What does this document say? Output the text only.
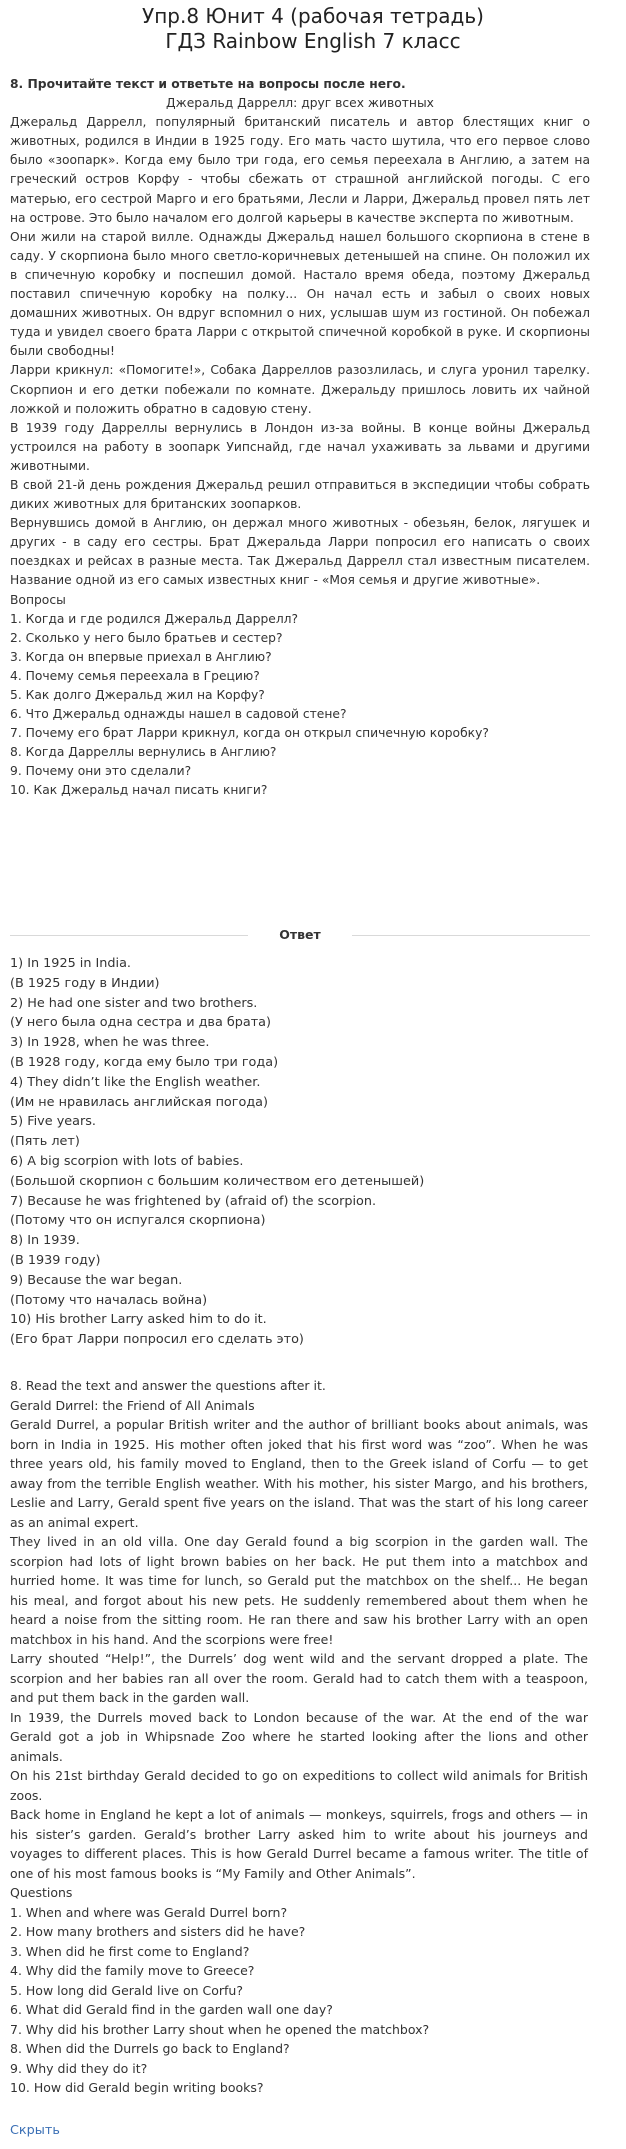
Упр.8 Юнит 4 (рабочая тетрадь)
ГДЗ Rainbow English 7 класс
8. Прочитайте текст и ответьте на вопросы после него.
Джеральд Даррелл: друг всех животных

Джеральд Даррелл, популярный британский писатель и автор блестящих книг о животных, родился в Индии в 1925 году. Его мать часто шутила, что его первое слово было «зоопарк». Когда ему было три года, его семья переехала в Англию, а затем на греческий остров Корфу - чтобы сбежать от страшной английской погоды. С его матерью, его сестрой Марго и его братьями, Лесли и Ларри, Джеральд провел пять лет на острове. Это было началом его долгой карьеры в качестве эксперта по животным.

Они жили на старой вилле. Однажды Джеральд нашел большого скорпиона в стене в саду. У скорпиона было много светло-коричневых детенышей на спине. Он положил их в спичечную коробку и поспешил домой. Настало время обеда, поэтому Джеральд поставил спичечную коробку на полку... Он начал есть и забыл о своих новых домашних животных. Он вдруг вспомнил о них, услышав шум из гостиной. Он побежал туда и увидел своего брата Ларри с открытой спичечной коробкой в руке. И скорпионы были свободны!

Ларри крикнул: «Помогите!», Собака Дарреллов разозлилась, и слуга уронил тарелку. Скорпион и его детки побежали по комнате. Джеральду пришлось ловить их чайной ложкой и положить обратно в садовую стену.

В 1939 году Дарреллы вернулись в Лондон из-за войны. В конце войны Джеральд устроился на работу в зоопарк Уипснайд, где начал ухаживать за львами и другими животными.

В свой 21-й день рождения Джеральд решил отправиться в экспедиции чтобы собрать диких животных для британских зоопарков.

Вернувшись домой в Англию, он держал много животных - обезьян, белок, лягушек и других - в саду его сестры. Брат Джеральда Ларри попросил его написать о своих поездках и рейсах в разные места. Так Джеральд Даррелл стал известным писателем. Название одной из его самых известных книг - «Моя семья и другие животные».

Вопросы
1. Когда и где родился Джеральд Даррелл?
2. Сколько у него было братьев и сестер?
3. Когда он впервые приехал в Англию?
4. Почему семья переехала в Грецию?
5. Как долго Джеральд жил на Корфу?
6. Что Джеральд однажды нашел в садовой стене?
7. Почему его брат Ларри крикнул, когда он открыл спичечную коробку?
8. Когда Дарреллы вернулись в Англию?
9. Почему они это сделали?
10. Как Джеральд начал писать книги?
Ответ
1) In 1925 in India.
(В 1925 году в Индии)
2) He had one sister and two brothers.
(У него была одна сестра и два брата)
3) In 1928, when he was three.
(В 1928 году, когда ему было три года)
4) They didn’t like the English weather.
(Им не нравилась английская погода)
5) Five years.
(Пять лет)
6) A big scorpion with lots of babies.
(Большой скорпион с большим количеством его детенышей)
7) Because he was frightened by (afraid of) the scorpion.
(Потому что он испугался скорпиона)
8) In 1939.
(В 1939 году)
9) Because the war began.
(Потому что началась война)
10) His brother Larry asked him to do it.
(Его брат Ларри попросил его сделать это)
8. Read the text and answer the questions after it.
Gerald Dиrrel: the Friend of All Animals

Gerald Durrel, a popular British writer and the author of brilliant books about animals, was born in India in 1925. His mother often joked that his first word was “zoo”. When he was three years old, his family moved to England, then to the Greek island of Corfu — to get away from the terrible English weather. With his mother, his sister Margo, and his brothers, Leslie and Larry, Gerald spent five years on the island. That was the start of his long career as an animal expert.

They lived in an old villa. One day Gerald found a big scorpion in the garden wall. The scorpion had lots of light brown babies on her back. He put them into a matchbox and hurried home. It was time for lunch, so Gerald put the matchbox on the shelf... He began his meal, and forgot about his new pets. He suddenly remembered about them when he heard a noise from the sitting room. He ran there and saw his brother Larry with an open matchbox in his hand. And the scorpions were free!

Larry shouted “Help!”, the Durrels’ dog went wild and the servant dropped a plate. The scorpion and her babies ran all over the room. Gerald had to catch them with a teaspoon, and put them back in the garden wall.

In 1939, the Durrels moved back to London because of the war. At the end of the war Gerald got a job in Whipsnade Zoo where he started looking after the lions and other animals.

On his 21st birthday Gerald decided to go on expeditions to collect wild animals for British zoos.

Back home in England he kept a lot of animals — monkeys, squirrels, frogs and others — in his sister’s garden. Gerald’s brother Larry asked him to write about his journeys and voyages to different places. This is how Gerald Durrel became a famous writer. The title of one of his most famous books is “My Family and Other Animals”.

Questions
1. When and where was Gerald Durrel born?
2. How many brothers and sisters did he have?
3. When did he first come to England?
4. Why did the family move to Greece?
5. How long did Gerald live on Corfu?
6. What did Gerald find in the garden wall one day?
7. Why did his brother Larry shout when he opened the matchbox?
8. When did the Durrels go back to England?
9. Why did they do it?
10. How did Gerald begin writing books?
Скрыть
